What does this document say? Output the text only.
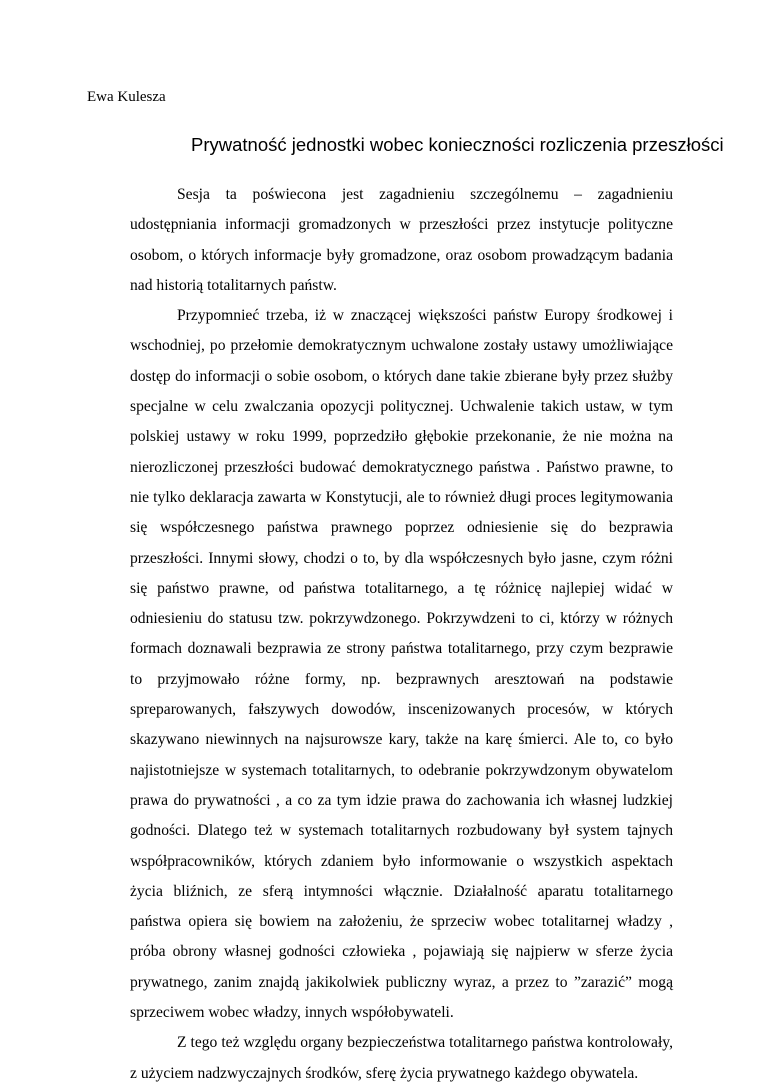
Ewa Kulesza
Prywatność jednostki wobec konieczności rozliczenia przeszłości

Sesja ta poświecona jest zagadnieniu szczególnemu – zagadnieniu udostępniania informacji gromadzonych w przeszłości przez instytucje polityczne osobom, o których informacje były gromadzone, oraz osobom prowadzącym badania nad historią totalitarnych państw.

Przypomnieć trzeba, iż w znaczącej większości państw Europy środkowej i wschodniej, po przełomie demokratycznym uchwalone zostały ustawy umożliwiające dostęp do informacji o sobie osobom, o których dane takie zbierane były przez służby specjalne w celu zwalczania opozycji politycznej. Uchwalenie takich ustaw, w tym polskiej ustawy w roku 1999, poprzedziło głębokie przekonanie, że nie można na nierozliczonej przeszłości budować demokratycznego państwa . Państwo prawne, to nie tylko deklaracja zawarta w Konstytucji, ale to również długi proces legitymowania się współczesnego państwa prawnego poprzez odniesienie się do bezprawia przeszłości. Innymi słowy, chodzi o to, by dla współczesnych było jasne, czym różni się państwo prawne, od państwa totalitarnego, a tę różnicę najlepiej widać w odniesieniu do statusu tzw. pokrzywdzonego. Pokrzywdzeni to ci, którzy w różnych formach doznawali bezprawia ze strony państwa totalitarnego, przy czym bezprawie to przyjmowało różne formy, np. bezprawnych aresztowań na podstawie spreparowanych, fałszywych dowodów, inscenizowanych procesów, w których skazywano niewinnych na najsurowsze kary, także na karę śmierci. Ale to, co było najistotniejsze w systemach totalitarnych, to odebranie pokrzywdzonym obywatelom prawa do prywatności , a co za tym idzie prawa do zachowania ich własnej ludzkiej godności. Dlatego też w systemach totalitarnych rozbudowany był system tajnych współpracowników, których zdaniem było informowanie o wszystkich aspektach życia bliźnich, ze sferą intymności włącznie. Działalność aparatu totalitarnego państwa opiera się bowiem na założeniu, że sprzeciw wobec totalitarnej władzy , próba obrony własnej godności człowieka , pojawiają się najpierw w sferze życia prywatnego, zanim znajdą jakikolwiek publiczny wyraz, a przez to ”zarazić” mogą sprzeciwem wobec władzy, innych współobywateli.

Z tego też względu organy bezpieczeństwa totalitarnego państwa kontrolowały, z użyciem nadzwyczajnych środków, sferę życia prywatnego każdego obywatela.
